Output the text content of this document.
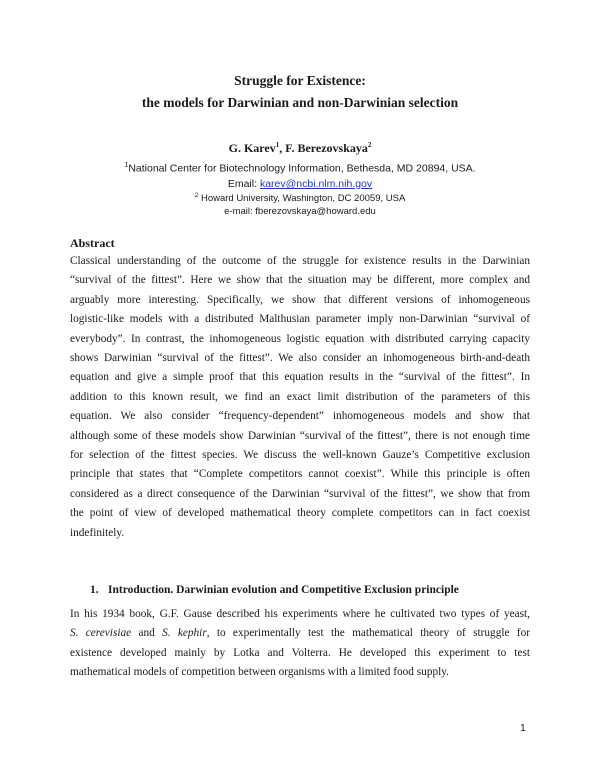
Struggle for Existence:
the models for Darwinian and non-Darwinian selection
G. Karev$^1$, F. Berezovskaya$^2$
$^1$National Center for Biotechnology Information, Bethesda, MD 20894, USA.
Email: karev@ncbi.nlm.nih.gov
$^2$ Howard University, Washington, DC 20059, USA
e-mail: fberezovskaya@howard.edu
Abstract
Classical understanding of the outcome of the struggle for existence results in the Darwinian
“survival of the fittest”. Here we show that the situation may be different, more complex and
arguably more interesting. Specifically, we show that different versions of inhomogeneous
logistic-like models with a distributed Malthusian parameter imply non-Darwinian “survival of
everybody”. In contrast, the inhomogeneous logistic equation with distributed carrying capacity
shows Darwinian “survival of the fittest”. We also consider an inhomogeneous birth-and-death
equation and give a simple proof that this equation results in the “survival of the fittest”. In
addition to this known result, we find an exact limit distribution of the parameters of this
equation. We also consider “frequency-dependent” inhomogeneous models and show that
although some of these models show Darwinian “survival of the fittest”, there is not enough time
for selection of the fittest species. We discuss the well-known Gauze’s Competitive exclusion
principle that states that “Complete competitors cannot coexist”. While this principle is often
considered as a direct consequence of the Darwinian “survival of the fittest”, we show that from
the point of view of developed mathematical theory complete competitors can in fact coexist
indefinitely.
1. Introduction. Darwinian evolution and Competitive Exclusion principle
In his 1934 book, G.F. Gause described his experiments where he cultivated two types of yeast,
S. cerevisiae and S. kephir, to experimentally test the mathematical theory of struggle for
existence developed mainly by Lotka and Volterra. He developed this experiment to test
mathematical models of competition between organisms with a limited food supply.
1
